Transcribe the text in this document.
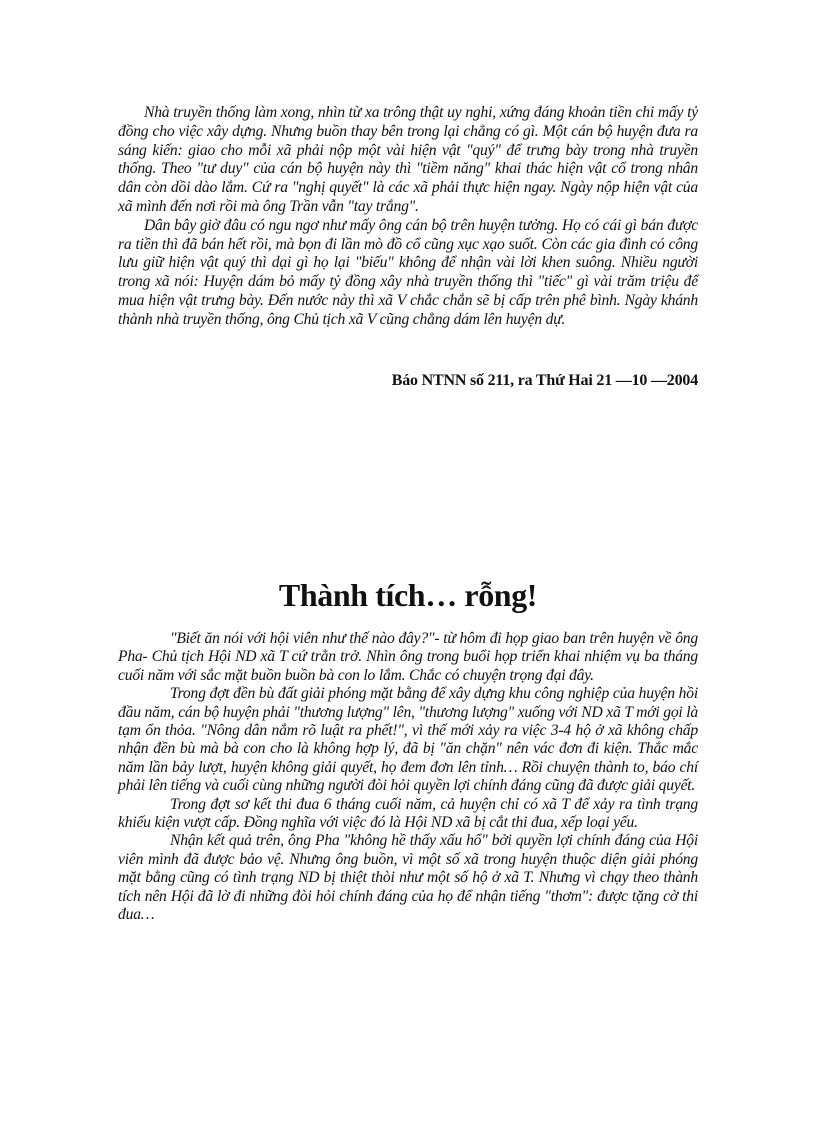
Nhà truyền thống làm xong, nhìn từ xa trông thật uy nghi, xứng đáng khoản tiền chi mấy tỷ đồng cho việc xây dựng. Nhưng buồn thay bên trong lại chẳng có gì. Một cán bộ huyện đưa ra sáng kiến: giao cho mỗi xã phải nộp một vài hiện vật "quý" để trưng bày trong nhà truyền thống. Theo "tư duy" của cán bộ huyện này thì "tiềm năng" khai thác hiện vật cổ trong nhân dân còn dồi dào lắm. Cứ ra "nghị quyết" là các xã phải thực hiện ngay. Ngày nộp hiện vật của xã mình đến nơi rồi mà ông Trần vẫn "tay trắng".

Dân bây giờ đâu có ngu ngơ như mấy ông cán bộ trên huyện tưởng. Họ có cái gì bán được ra tiền thì đã bán hết rồi, mà bọn đi lần mò đồ cổ cũng xục xạo suốt. Còn các gia đình có công lưu giữ hiện vật quý thì dại gì họ lại "biếu" không để nhận vài lời khen suông. Nhiều người trong xã nói: Huyện dám bỏ mấy tỷ đồng xây nhà truyền thống thì "tiếc" gì vài trăm triệu để mua hiện vật trưng bày. Đến nước này thì xã V chắc chắn sẽ bị cấp trên phê bình. Ngày khánh thành nhà truyền thống, ông Chủ tịch xã V cũng chẳng dám lên huyện dự.

Báo NTNN số 211, ra Thứ Hai 21 —10 —2004
Thành tích… rỗng!

"Biết ăn nói với hội viên như thế nào đây?"- từ hôm đi họp giao ban trên huyện về ông Pha- Chủ tịch Hội ND xã T cứ trằn trở. Nhìn ông trong buổi họp triển khai nhiệm vụ ba tháng cuối năm với sắc mặt buồn buồn bà con lo lắm. Chắc có chuyện trọng đại đây.

Trong đợt đền bù đất giải phóng mặt bằng để xây dựng khu công nghiệp của huyện hồi đầu năm, cán bộ huyện phải "thương lượng" lên, "thương lượng" xuống với ND xã T mới gọi là tạm ổn thỏa. "Nông dân nắm rõ luật ra phết!", vì thế mới xảy ra việc 3-4 hộ ở xã không chấp nhận đền bù mà bà con cho là không hợp lý, đã bị "ăn chặn" nên vác đơn đi kiện. Thắc mắc năm lần bảy lượt, huyện không giải quyết, họ đem đơn lên tỉnh… Rồi chuyện thành to, báo chí phải lên tiếng và cuối cùng những người đòi hỏi quyền lợi chính đáng cũng đã được giải quyết.

Trong đợt sơ kết thi đua 6 tháng cuối năm, cả huyện chỉ có xã T để xảy ra tình trạng khiếu kiện vượt cấp. Đồng nghĩa với việc đó là Hội ND xã bị cắt thi đua, xếp loại yếu.

Nhận kết quả trên, ông Pha "không hề thấy xấu hổ" bởi quyền lợi chính đáng của Hội viên mình đã được bảo vệ. Nhưng ông buồn, vì một số xã trong huyện thuộc diện giải phóng mặt bằng cũng có tình trạng ND bị thiệt thòi như một số hộ ở xã T. Nhưng vì chạy theo thành tích nên Hội đã lờ đi những đòi hỏi chính đáng của họ để nhận tiếng "thơm": được tặng cờ thi đua…
